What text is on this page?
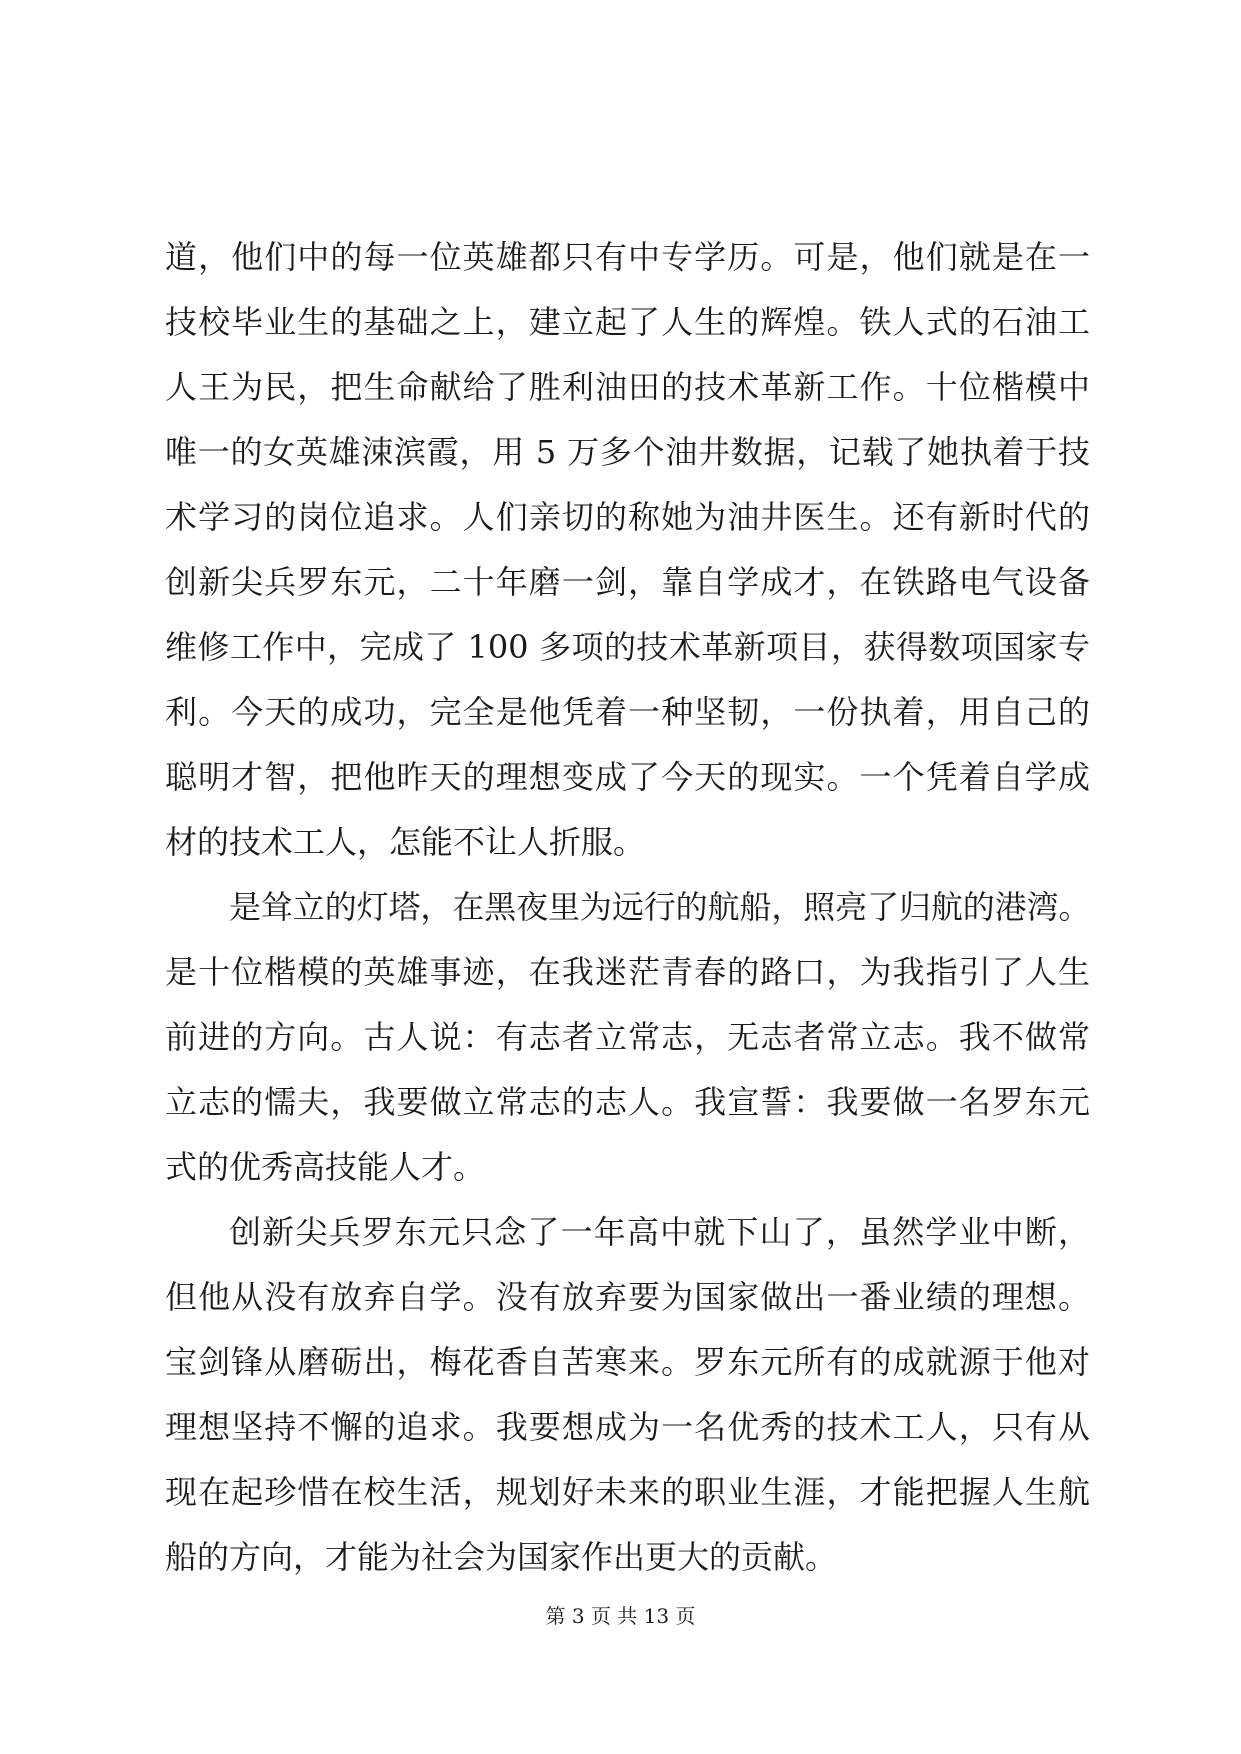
道，他们中的每一位英雄都只有中专学历。可是，他们就是在一
技校毕业生的基础之上，建立起了人生的辉煌。铁人式的石油工
人王为民，把生命献给了胜利油田的技术革新工作。十位楷模中
唯一的女英雄涑滨霞，用 5 万多个油井数据，记载了她执着于技
术学习的岗位追求。人们亲切的称她为油井医生。还有新时代的
创新尖兵罗东元，二十年磨一剑，靠自学成才，在铁路电气设备
维修工作中，完成了 100 多项的技术革新项目，获得数项国家专
利。今天的成功，完全是他凭着一种坚韧，一份执着，用自己的
聪明才智，把他昨天的理想变成了今天的现实。一个凭着自学成
材的技术工人，怎能不让人折服。
是耸立的灯塔，在黑夜里为远行的航船，照亮了归航的港湾。
是十位楷模的英雄事迹，在我迷茫青春的路口，为我指引了人生
前进的方向。古人说：有志者立常志，无志者常立志。我不做常
立志的懦夫，我要做立常志的志人。我宣誓：我要做一名罗东元
式的优秀高技能人才。
创新尖兵罗东元只念了一年高中就下山了，虽然学业中断，
但他从没有放弃自学。没有放弃要为国家做出一番业绩的理想。
宝剑锋从磨砺出，梅花香自苦寒来。罗东元所有的成就源于他对
理想坚持不懈的追求。我要想成为一名优秀的技术工人，只有从
现在起珍惜在校生活，规划好未来的职业生涯，才能把握人生航
船的方向，才能为社会为国家作出更大的贡献。
第 3 页 共 13 页
